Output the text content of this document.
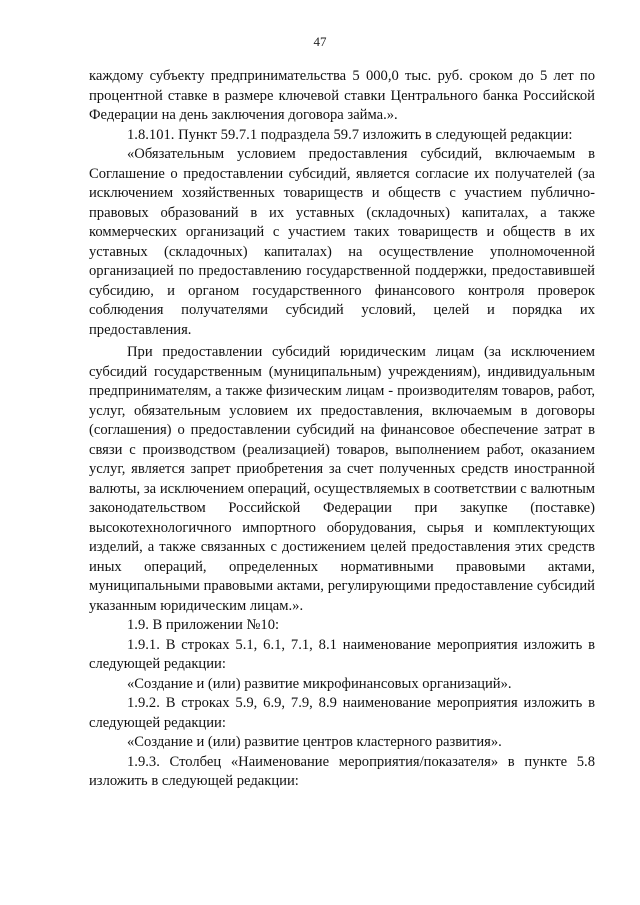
47

каждому субъекту предпринимательства 5 000,0 тыс. руб. сроком до 5 лет по процентной ставке в размере ключевой ставки Центрального банка Российской Федерации на день заключения договора займа.».

1.8.101. Пункт 59.7.1 подраздела 59.7 изложить в следующей редакции:

«Обязательным условием предоставления субсидий, включаемым в Соглашение о предоставлении субсидий, является согласие их получателей (за исключением хозяйственных товариществ и обществ с участием публично-правовых образований в их уставных (складочных) капиталах, а также коммерческих организаций с участием таких товариществ и обществ в их уставных (складочных) капиталах) на осуществление уполномоченной организацией по предоставлению государственной поддержки, предоставившей субсидию, и органом государственного финансового контроля проверок соблюдения получателями субсидий условий, целей и порядка их предоставления.

При предоставлении субсидий юридическим лицам (за исключением субсидий государственным (муниципальным) учреждениям), индивидуальным предпринимателям, а также физическим лицам - производителям товаров, работ, услуг, обязательным условием их предоставления, включаемым в договоры (соглашения) о предоставлении субсидий на финансовое обеспечение затрат в связи с производством (реализацией) товаров, выполнением работ, оказанием услуг, является запрет приобретения за счет полученных средств иностранной валюты, за исключением операций, осуществляемых в соответствии с валютным законодательством Российской Федерации при закупке (поставке) высокотехнологичного импортного оборудования, сырья и комплектующих изделий, а также связанных с достижением целей предоставления этих средств иных операций, определенных нормативными правовыми актами, муниципальными правовыми актами, регулирующими предоставление субсидий указанным юридическим лицам.».

1.9. В приложении №10:

1.9.1. В строках 5.1, 6.1, 7.1, 8.1 наименование мероприятия изложить в следующей редакции:

«Создание и (или) развитие микрофинансовых организаций».

1.9.2. В строках 5.9, 6.9, 7.9, 8.9 наименование мероприятия изложить в следующей редакции:

«Создание и (или) развитие центров кластерного развития».

1.9.3. Столбец «Наименование мероприятия/показателя» в пункте 5.8 изложить в следующей редакции:
